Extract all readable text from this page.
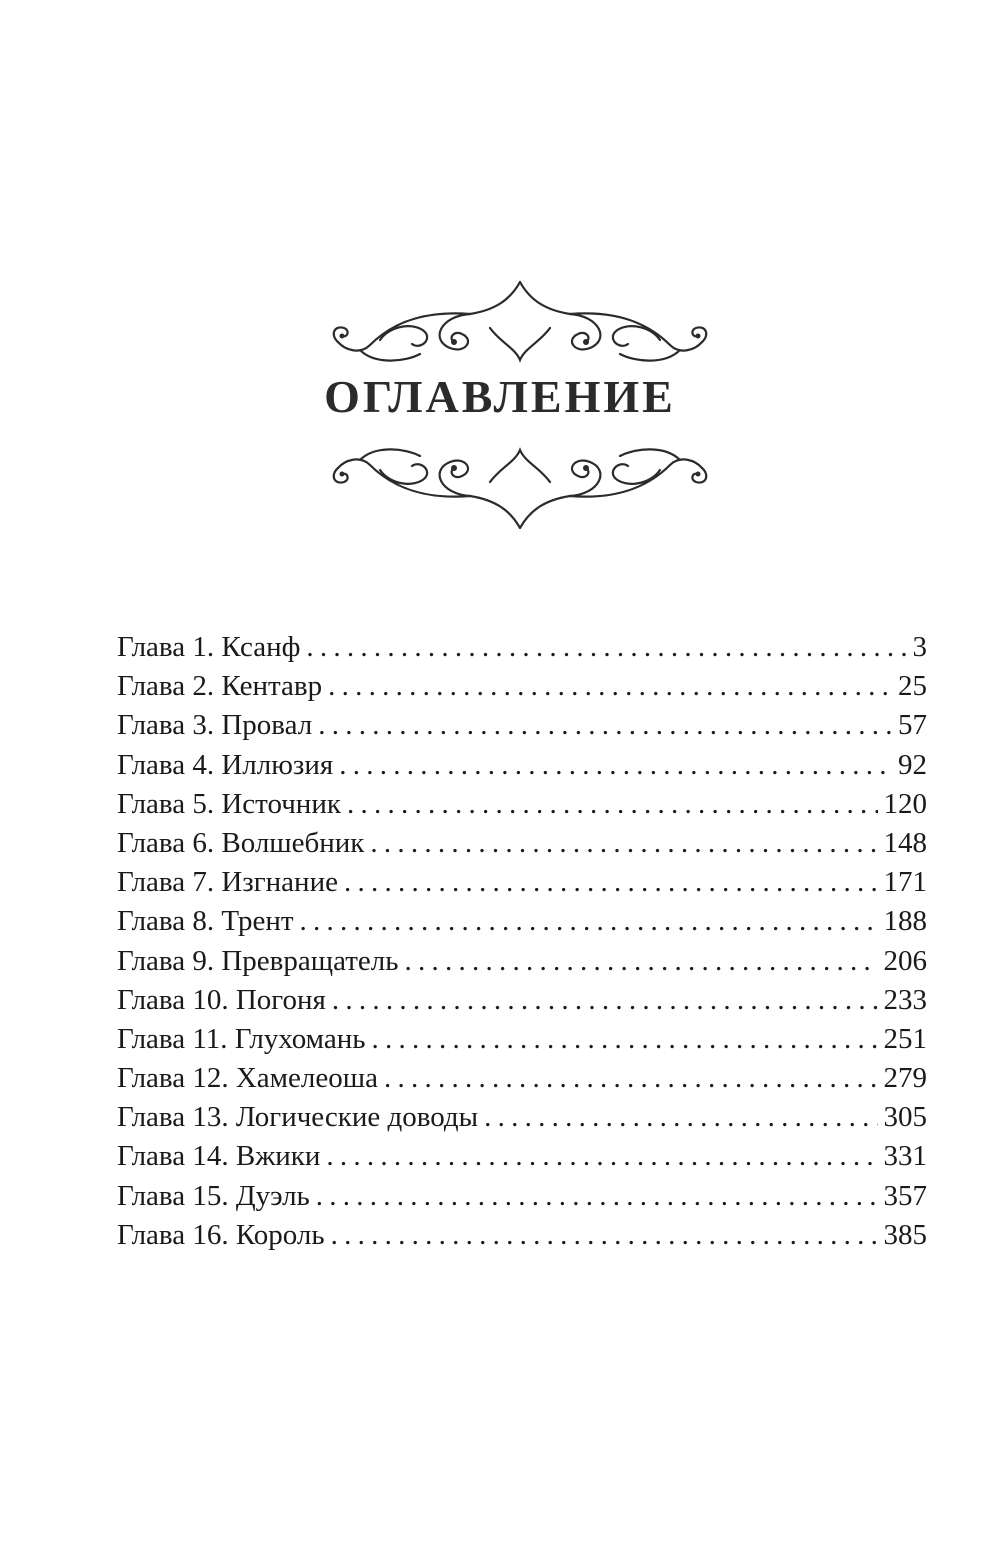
ОГЛАВЛЕНИЕ
Глава 1. Ксанф . . .	3
Глава 2. Кентавр . . .	25
Глава 3. Провал . . .	57
Глава 4. Иллюзия . . .	92
Глава 5. Источник . . .	120
Глава 6. Волшебник . . .	148
Глава 7. Изгнание . . .	171
Глава 8. Трент . . .	188
Глава 9. Превращатель . . .	206
Глава 10. Погоня . . .	233
Глава 11. Глухомань . . .	251
Глава 12. Хамелеоша . . .	279
Глава 13. Логические доводы . . .	305
Глава 14. Вжики . . .	331
Глава 15. Дуэль . . .	357
Глава 16. Король . . .	385
